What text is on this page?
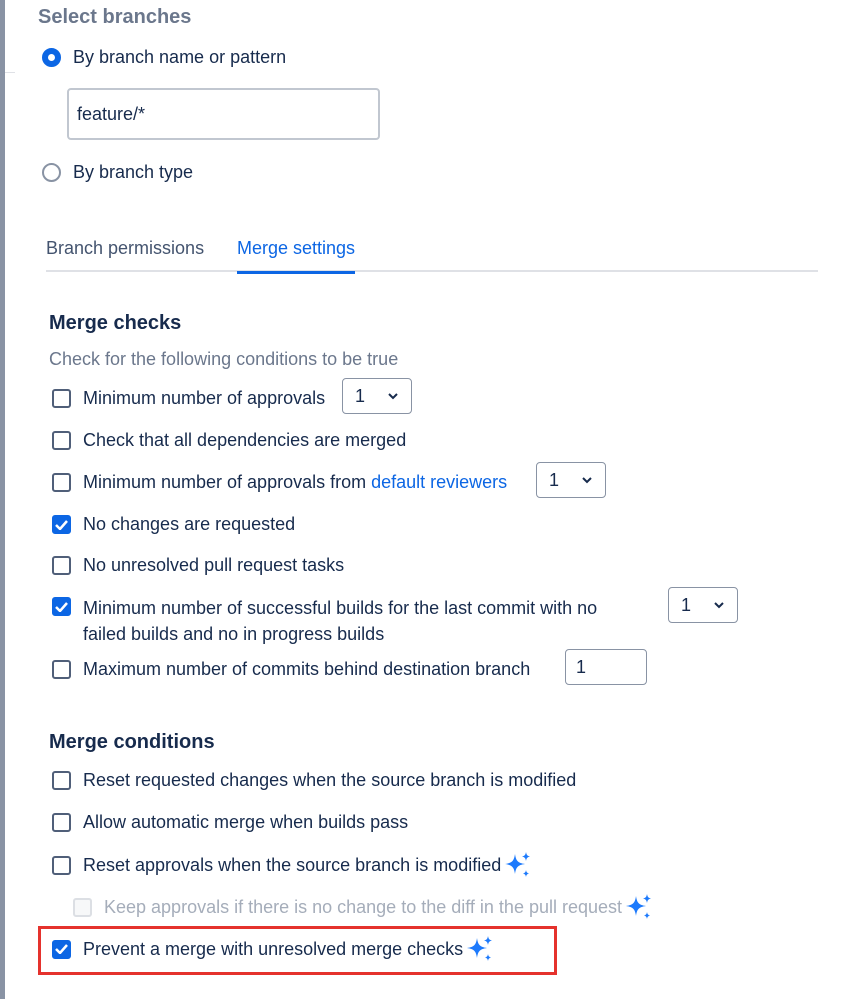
Select branches
By branch name or pattern
feature/*
By branch type
Branch permissions Merge settings
Merge checks
Check for the following conditions to be true
Minimum number of approvals 1
Check that all dependencies are merged
Minimum number of approvals from default reviewers 1
No changes are requested
No unresolved pull request tasks
Minimum number of successful builds for the last commit with no
failed builds and no in progress builds
1
Maximum number of commits behind destination branch	1
Merge conditions
Reset requested changes when the source branch is modified
Allow automatic merge when builds pass
Reset approvals when the source branch is modified
Keep approvals if there is no change to the diff in the pull request
Prevent a merge with unresolved merge checks
